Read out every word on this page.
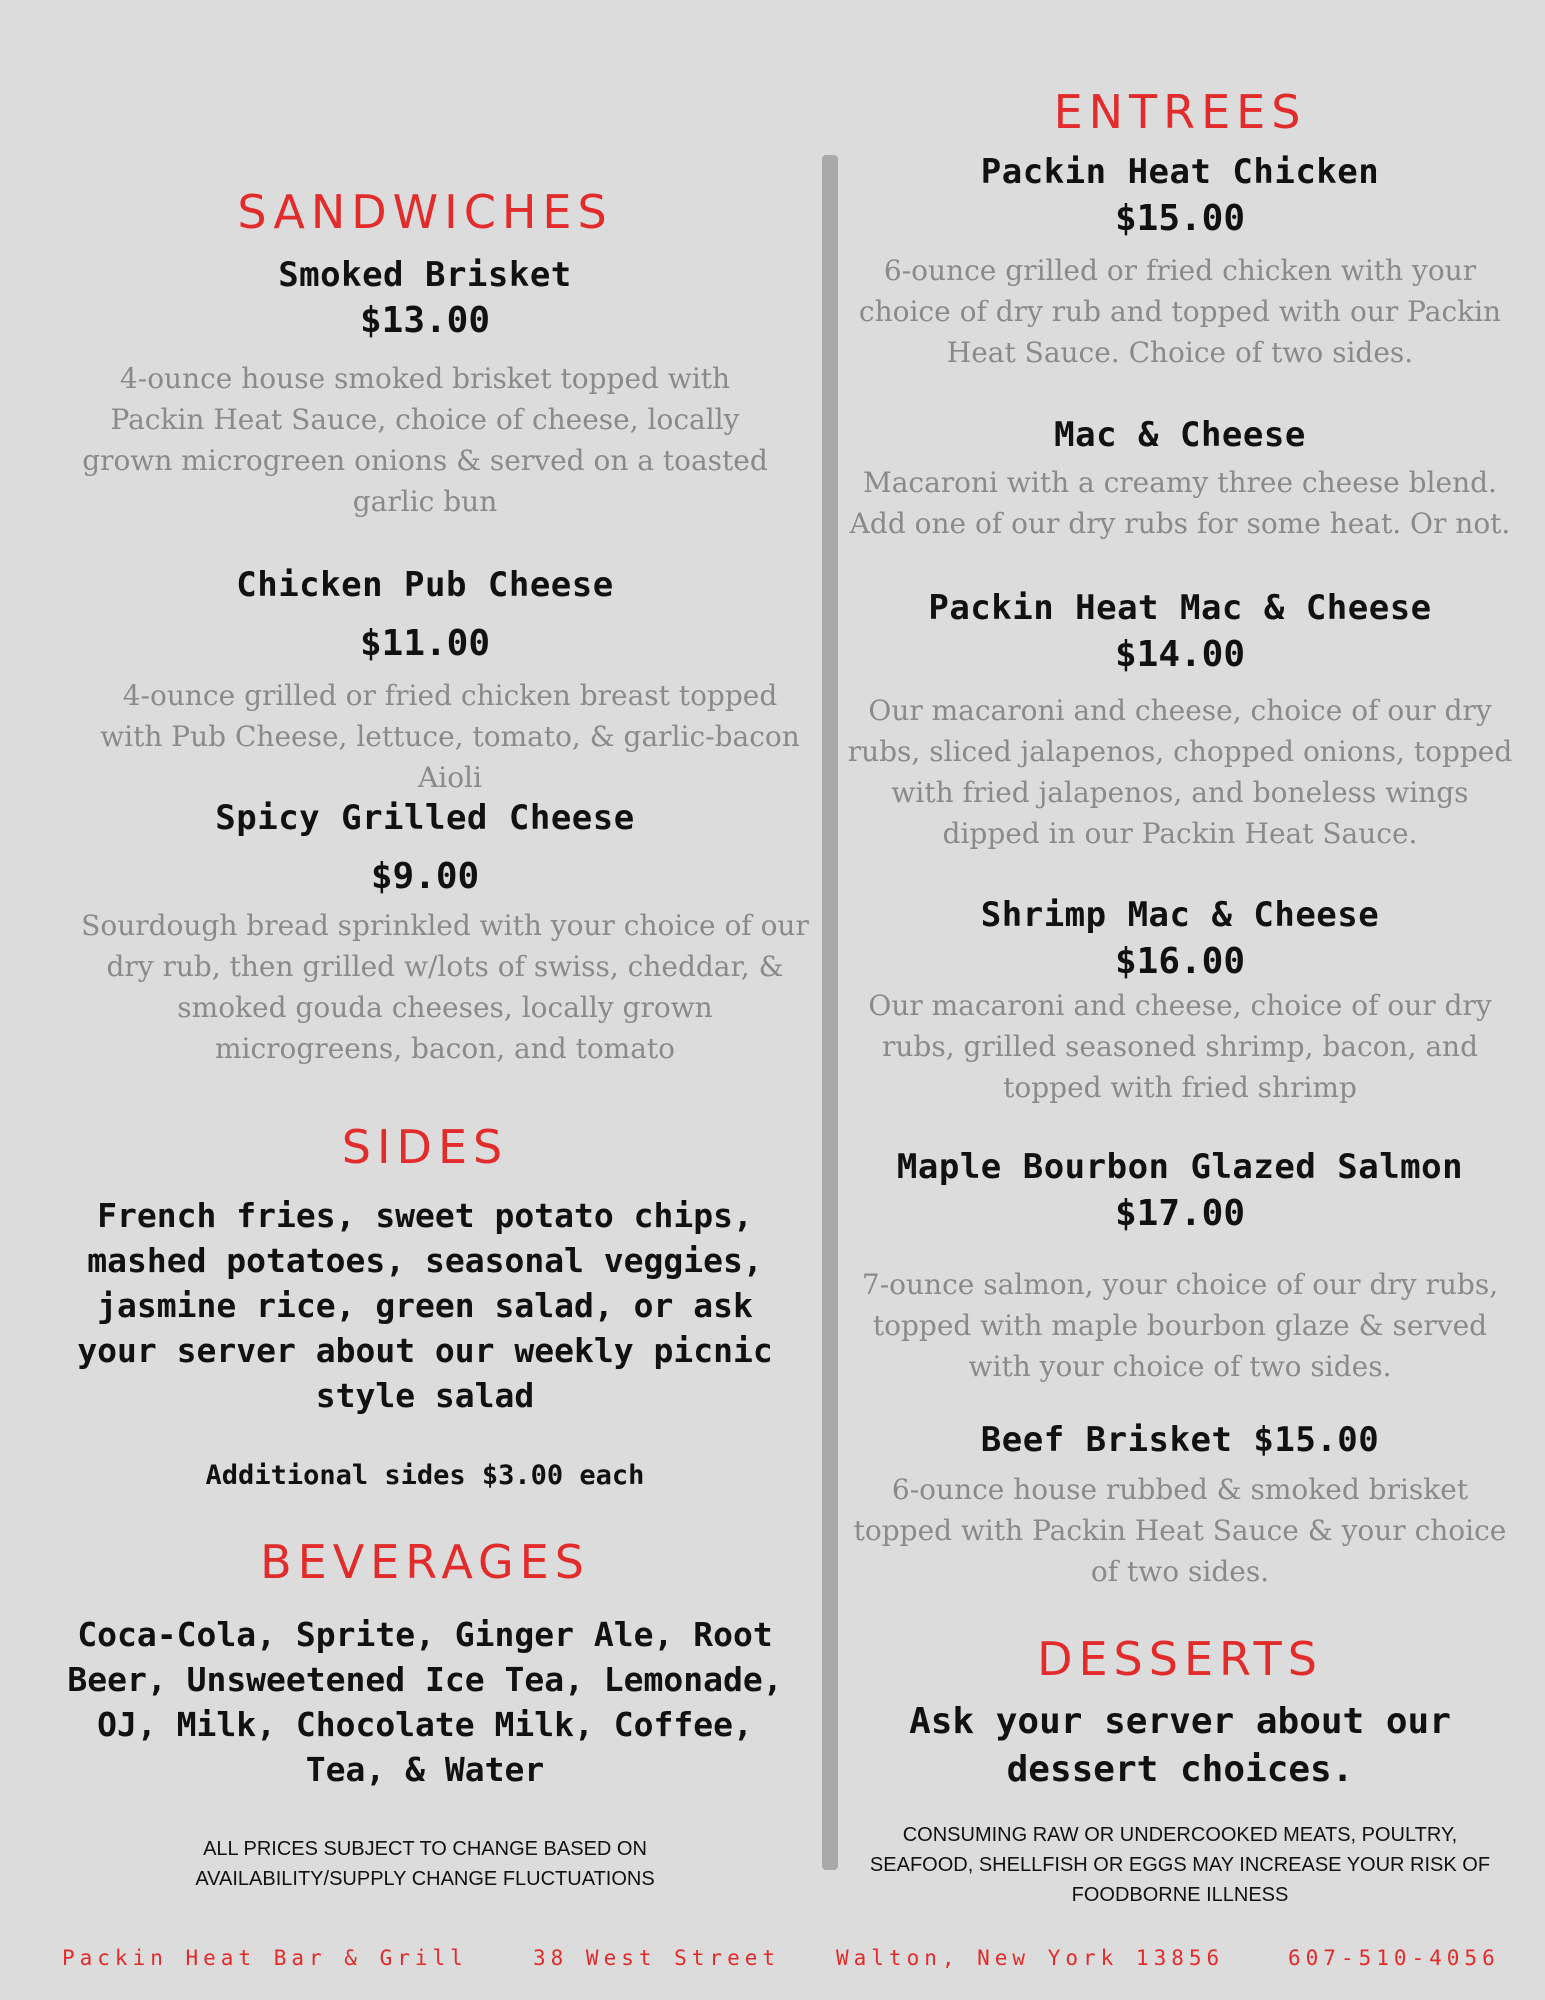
SANDWICHES
Smoked Brisket
$13.00
4-ounce house smoked brisket topped with Packin Heat Sauce, choice of cheese, locally grown microgreen onions & served on a toasted garlic bun
Chicken Pub Cheese
$11.00
4-ounce grilled or fried chicken breast topped with Pub Cheese, lettuce, tomato, & garlic-bacon Aioli
Spicy Grilled Cheese
$9.00
Sourdough bread sprinkled with your choice of our dry rub, then grilled w/lots of swiss, cheddar, & smoked gouda cheeses, locally grown microgreens, bacon, and tomato
SIDES
French fries, sweet potato chips, mashed potatoes, seasonal veggies, jasmine rice, green salad, or ask your server about our weekly picnic style salad
Additional sides $3.00 each
BEVERAGES
Coca-Cola, Sprite, Ginger Ale, Root Beer, Unsweetened Ice Tea, Lemonade, OJ, Milk, Chocolate Milk, Coffee, Tea, & Water
ALL PRICES SUBJECT TO CHANGE BASED ON AVAILABILITY/SUPPLY CHANGE FLUCTUATIONS
ENTREES
Packin Heat Chicken
$15.00
6-ounce grilled or fried chicken with your choice of dry rub and topped with our Packin Heat Sauce. Choice of two sides.
Mac & Cheese
Macaroni with a creamy three cheese blend. Add one of our dry rubs for some heat. Or not.
Packin Heat Mac & Cheese
$14.00
Our macaroni and cheese, choice of our dry rubs, sliced jalapenos, chopped onions, topped with fried jalapenos, and boneless wings dipped in our Packin Heat Sauce.
Shrimp Mac & Cheese
$16.00
Our macaroni and cheese, choice of our dry rubs, grilled seasoned shrimp, bacon, and topped with fried shrimp
Maple Bourbon Glazed Salmon
$17.00
7-ounce salmon, your choice of our dry rubs, topped with maple bourbon glaze & served with your choice of two sides.
Beef Brisket $15.00
6-ounce house rubbed & smoked brisket topped with Packin Heat Sauce & your choice of two sides.
DESSERTS
Ask your server about our dessert choices.
CONSUMING RAW OR UNDERCOOKED MEATS, POULTRY, SEAFOOD, SHELLFISH OR EGGS MAY INCREASE YOUR RISK OF FOODBORNE ILLNESS
Packin Heat Bar & Grill	38 West Street	Walton, New York 13856	607-510-4056
